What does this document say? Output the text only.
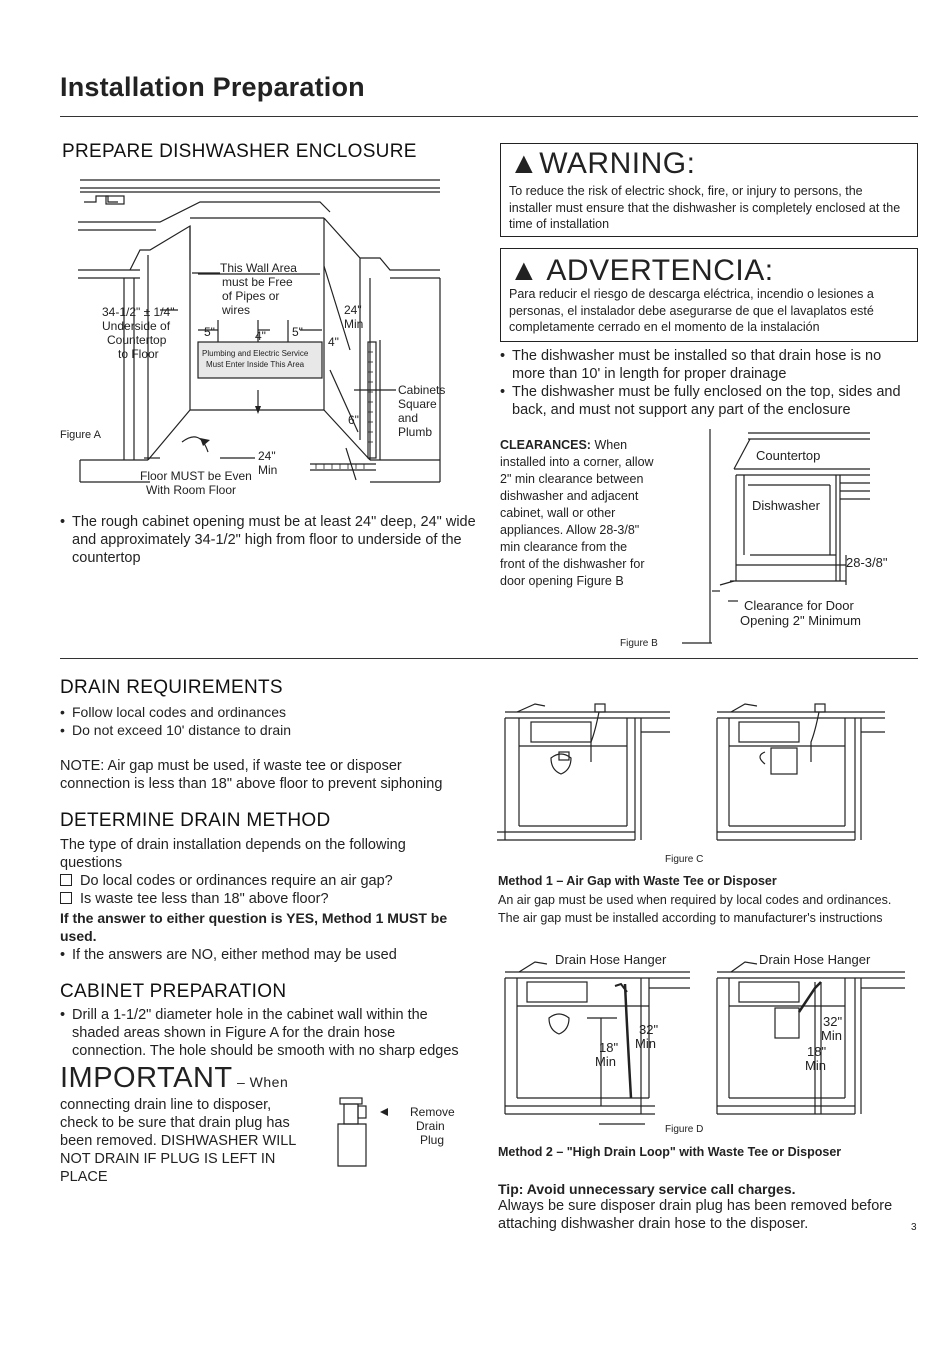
Installation Preparation
PREPARE DISHWASHER ENCLOSURE
This Wall Area
must be Free
of Pipes or
wires
34-1/2" ± 1/4"
Underside of
Countertop
to Floor
5"	4" 5"
24"
Min
4"
6"
Cabinets
Square
and
Plumb
24"
Min
Floor MUST be Even
With Room Floor
Plumbing and Electric Service
Must Enter Inside This Area
Figure A
• The rough cabinet opening must be at least 24" deep, 24" wide and approximately 34-1/2" high from floor to underside of the countertop
▲WARNING:
To reduce the risk of electric shock, fire, or injury to persons, the installer must ensure that the dishwasher is completely enclosed at the time of installation
▲ ADVERTENCIA:
Para reducir el riesgo de descarga eléctrica, incendio o lesiones a personas, el instalador debe asegurarse de que el lavaplatos esté completamente cerrado en el momento de la instalación
• The dishwasher must be installed so that drain hose is no more than 10' in length for proper drainage
• The dishwasher must be fully enclosed on the top, sides and back, and must not support any part of the enclosure
CLEARANCES: When installed into a corner, allow 2" min clearance between dishwasher and adjacent cabinet, wall or other appliances. Allow 28-3/8" min clearance from the front of the dishwasher for door opening Figure B
Countertop
Dishwasher
28-3/8"
Clearance for Door
Opening 2" Minimum
Figure B
DRAIN REQUIREMENTS
• Follow local codes and ordinances
• Do not exceed 10' distance to drain
NOTE: Air gap must be used, if waste tee or disposer connection is less than 18" above floor to prevent siphoning
DETERMINE DRAIN METHOD
The type of drain installation depends on the following questions
Do local codes or ordinances require an air gap?
Is waste tee less than 18" above floor?
If the answer to either question is YES, Method 1 MUST be used.
• If the answers are NO, either method may be used
CABINET PREPARATION
• Drill a 1-1/2" diameter hole in the cabinet wall within the shaded areas shown in Figure A for the drain hose connection. The hole should be smooth with no sharp edges
IMPORTANT – When
connecting drain line to disposer, check to be sure that drain plug has been removed. DISHWASHER WILL NOT DRAIN IF PLUG IS LEFT IN PLACE
Remove
Drain
Plug
Figure C
Method 1 – Air Gap with Waste Tee or Disposer
An air gap must be used when required by local codes and ordinances. The air gap must be installed according to manufacturer's instructions
Drain Hose Hanger	Drain Hose Hanger
32"
Min
18"
Min
32"
Min
18"
Min
Figure D
Method 2 – "High Drain Loop" with Waste Tee or Disposer
Tip: Avoid unnecessary service call charges.
Always be sure disposer drain plug has been removed before attaching dishwasher drain hose to the disposer.	3
